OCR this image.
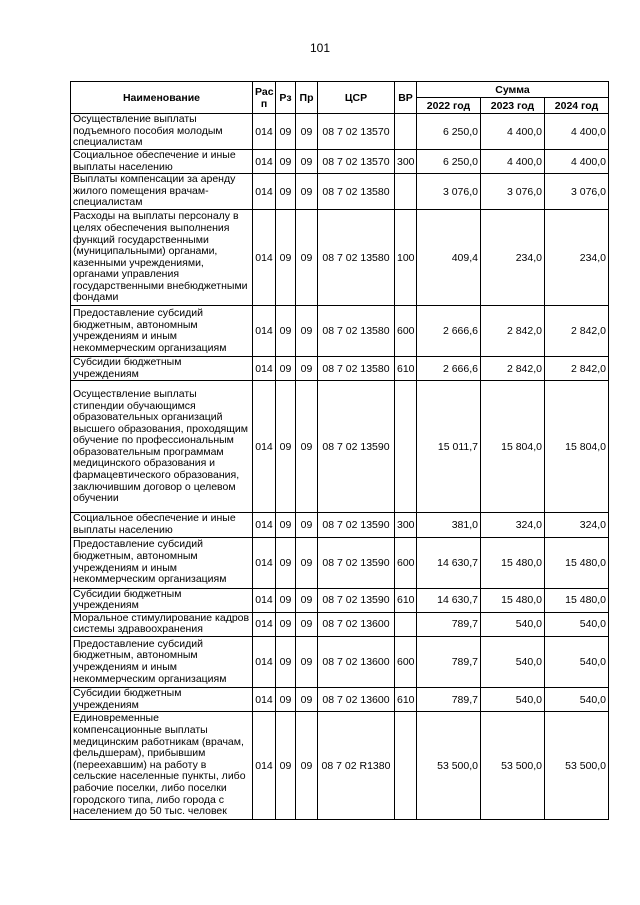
101
Наименование	Рас п	Рз	Пр	ЦСР	ВР	Сумма		
						2022 год	2023 год	2024 год
Осуществление выплаты подъемного пособия молодым специалистам	014	09	09	08 7 02 13570		6 250,0	4 400,0	4 400,0
Социальное обеспечение и иные выплаты населению	014	09	09	08 7 02 13570	300	6 250,0	4 400,0	4 400,0
Выплаты компенсации за аренду жилого помещения врачам-специалистам	014	09	09	08 7 02 13580		3 076,0	3 076,0	3 076,0
Расходы на выплаты персоналу в целях обеспечения выполнения функций государственными (муниципальными) органами, казенными учреждениями, органами управления государственными внебюджетными фондами	014	09	09	08 7 02 13580	100	409,4	234,0	234,0
Предоставление субсидий бюджетным, автономным учреждениям и иным некоммерческим организациям	014	09	09	08 7 02 13580	600	2 666,6	2 842,0	2 842,0
Субсидии бюджетным учреждениям	014	09	09	08 7 02 13580	610	2 666,6	2 842,0	2 842,0
Осуществление выплаты стипендии обучающимся образовательных организаций высшего образования, проходящим обучение по профессиональным образовательным программам медицинского образования и фармацевтического образования, заключившим договор о целевом обучении	014	09	09	08 7 02 13590		15 011,7	15 804,0	15 804,0
Социальное обеспечение и иные выплаты населению	014	09	09	08 7 02 13590	300	381,0	324,0	324,0
Предоставление субсидий бюджетным, автономным учреждениям и иным некоммерческим организациям	014	09	09	08 7 02 13590	600	14 630,7	15 480,0	15 480,0
Субсидии бюджетным учреждениям	014	09	09	08 7 02 13590	610	14 630,7	15 480,0	15 480,0
Моральное стимулирование кадров системы здравоохранения	014	09	09	08 7 02 13600		789,7	540,0	540,0
Предоставление субсидий бюджетным, автономным учреждениям и иным некоммерческим организациям	014	09	09	08 7 02 13600	600	789,7	540,0	540,0
Субсидии бюджетным учреждениям	014	09	09	08 7 02 13600	610	789,7	540,0	540,0
Единовременные компенсационные выплаты медицинским работникам (врачам, фельдшерам), прибывшим (переехавшим) на работу в сельские населенные пункты, либо рабочие поселки, либо поселки городского типа, либо города с населением до 50 тыс. человек	014	09	09	08 7 02 R1380		53 500,0	53 500,0	53 500,0
